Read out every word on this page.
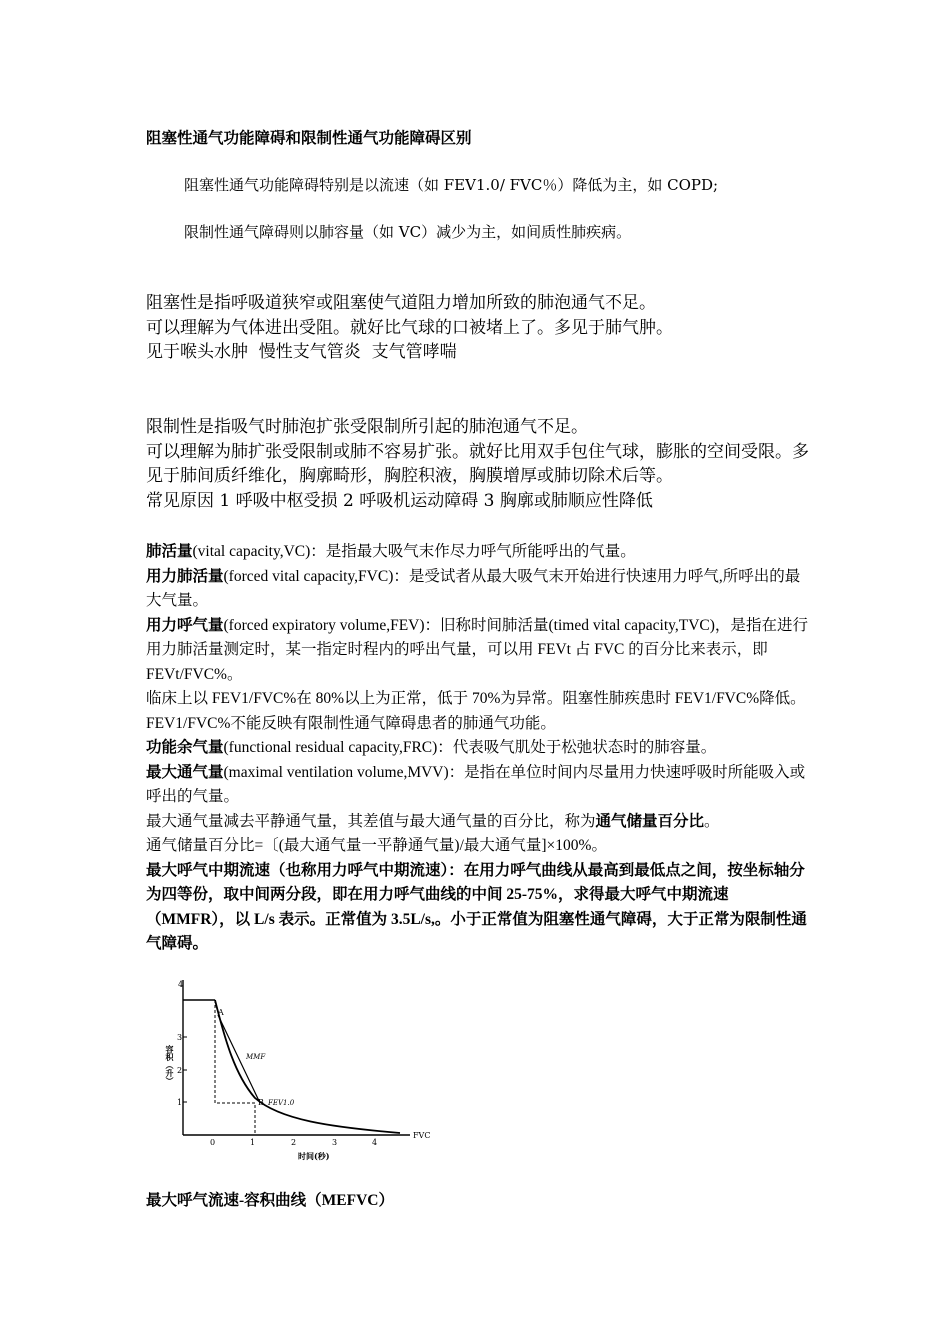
阻塞性通气功能障碍和限制性通气功能障碍区别
阻塞性通气功能障碍特别是以流速（如 FEV1.0/ FVC％）降低为主，如 COPD;
限制性通气障碍则以肺容量（如 VC）减少为主，如间质性肺疾病。
阻塞性是指呼吸道狭窄或阻塞使气道阻力增加所致的肺泡通气不足。
可以理解为气体进出受阻。就好比气球的口被堵上了。多见于肺气肿。
见于喉头水肿  慢性支气管炎  支气管哮喘
限制性是指吸气时肺泡扩张受限制所引起的肺泡通气不足。
可以理解为肺扩张受限制或肺不容易扩张。就好比用双手包住气球，膨胀的空间受限。多见于肺间质纤维化，胸廓畸形，胸腔积液，胸膜增厚或肺切除术后等。
常见原因 1 呼吸中枢受损 2 呼吸机运动障碍 3 胸廓或肺顺应性降低

肺活量(vital capacity,VC)：是指最大吸气末作尽力呼气所能呼出的气量。

用力肺活量(forced vital capacity,FVC)：是受试者从最大吸气末开始进行快速用力呼气,所呼出的最大气量。

用力呼气量(forced expiratory volume,FEV)：旧称时间肺活量(timed vital capacity,TVC)，是指在进行用力肺活量测定时，某一指定时程内的呼出气量，可以用 FEVt 占 FVC 的百分比来表示，即 FEVt/FVC%。

临床上以 FEV1/FVC%在 80%以上为正常，低于 70%为异常。阻塞性肺疾患时 FEV1/FVC%降低。FEV1/FVC%不能反映有限制性通气障碍患者的肺通气功能。

功能余气量(functional residual capacity,FRC)：代表吸气肌处于松弛状态时的肺容量。

最大通气量(maximal ventilation volume,MVV)：是指在单位时间内尽量用力快速呼吸时所能吸入或呼出的气量。

最大通气量减去平静通气量，其差值与最大通气量的百分比，称为通气储量百分比。

通气储量百分比=〔(最大通气量一平静通气量)/最大通气量]×100%。

最大呼气中期流速（也称用力呼气中期流速）：在用力呼气曲线从最高到最低点之间，按坐标轴分为四等份，取中间两分段，即在用力呼气曲线的中间 25-75%，求得最大呼气中期流速（MMFR），以 L/s 表示。正常值为 3.5L/s,。小于正常值为阻塞性通气障碍，大于正常为限制性通气障碍。

4
3
2
1
0	1	2	3	4
容积（升）
时间(秒)
A
B
MMF
FEV1.0
FVC
最大呼气流速-容积曲线（MEFVC）
